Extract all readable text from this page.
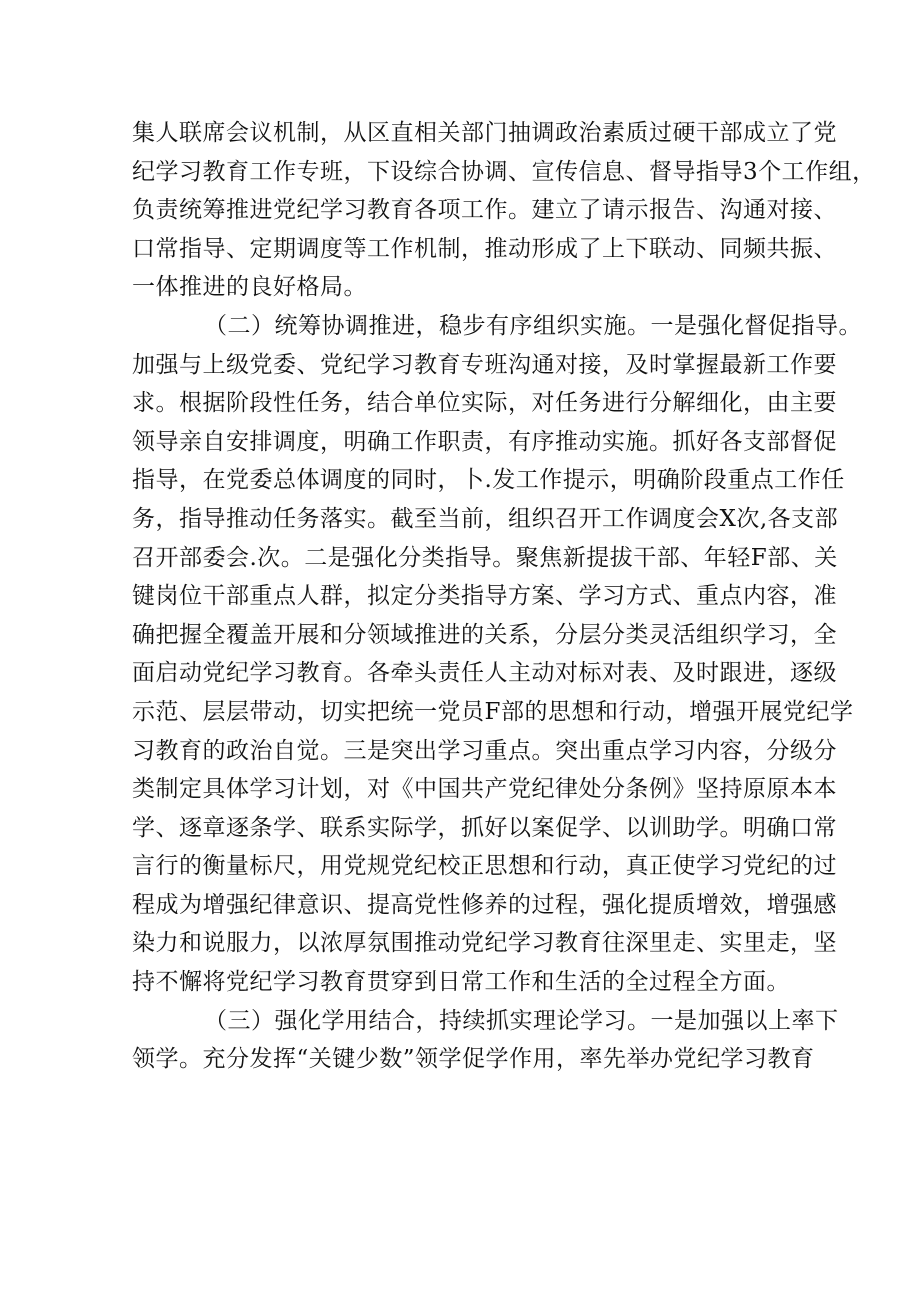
集人联席会议机制，从区直相关部门抽调政治素质过硬干部成立了党
纪学习教育工作专班，下设综合协调、宣传信息、督导指导3个工作组，
负责统筹推进党纪学习教育各项工作。建立了请示报告、沟通对接、
口常指导、定期调度等工作机制，推动形成了上下联动、同频共振、
一体推进的良好格局。
（二）统筹协调推进，稳步有序组织实施。一是强化督促指导。
加强与上级党委、党纪学习教育专班沟通对接，及时掌握最新工作要
求。根据阶段性任务，结合单位实际，对任务进行分解细化，由主要
领导亲自安排调度，明确工作职责，有序推动实施。抓好各支部督促
指导，在党委总体调度的同时，卜.发工作提示，明确阶段重点工作任
务，指导推动任务落实。截至当前，组织召开工作调度会X次,各支部
召开部委会.次。二是强化分类指导。聚焦新提拔干部、年轻F部、关
键岗位干部重点人群，拟定分类指导方案、学习方式、重点内容，准
确把握全覆盖开展和分领域推进的关系，分层分类灵活组织学习，全
面启动党纪学习教育。各牵头责任人主动对标对表、及时跟进，逐级
示范、层层带动，切实把统一党员F部的思想和行动，增强开展党纪学
习教育的政治自觉。三是突出学习重点。突出重点学习内容，分级分
类制定具体学习计划，对《中国共产党纪律处分条例》坚持原原本本
学、逐章逐条学、联系实际学，抓好以案促学、以训助学。明确口常
言行的衡量标尺，用党规党纪校正思想和行动，真正使学习党纪的过
程成为增强纪律意识、提高党性修养的过程，强化提质增效，增强感
染力和说服力，以浓厚氛围推动党纪学习教育往深里走、实里走，坚
持不懈将党纪学习教育贯穿到日常工作和生活的全过程全方面。
（三）强化学用结合，持续抓实理论学习。一是加强以上率下
领学。充分发挥“关键少数”领学促学作用，率先举办党纪学习教育
